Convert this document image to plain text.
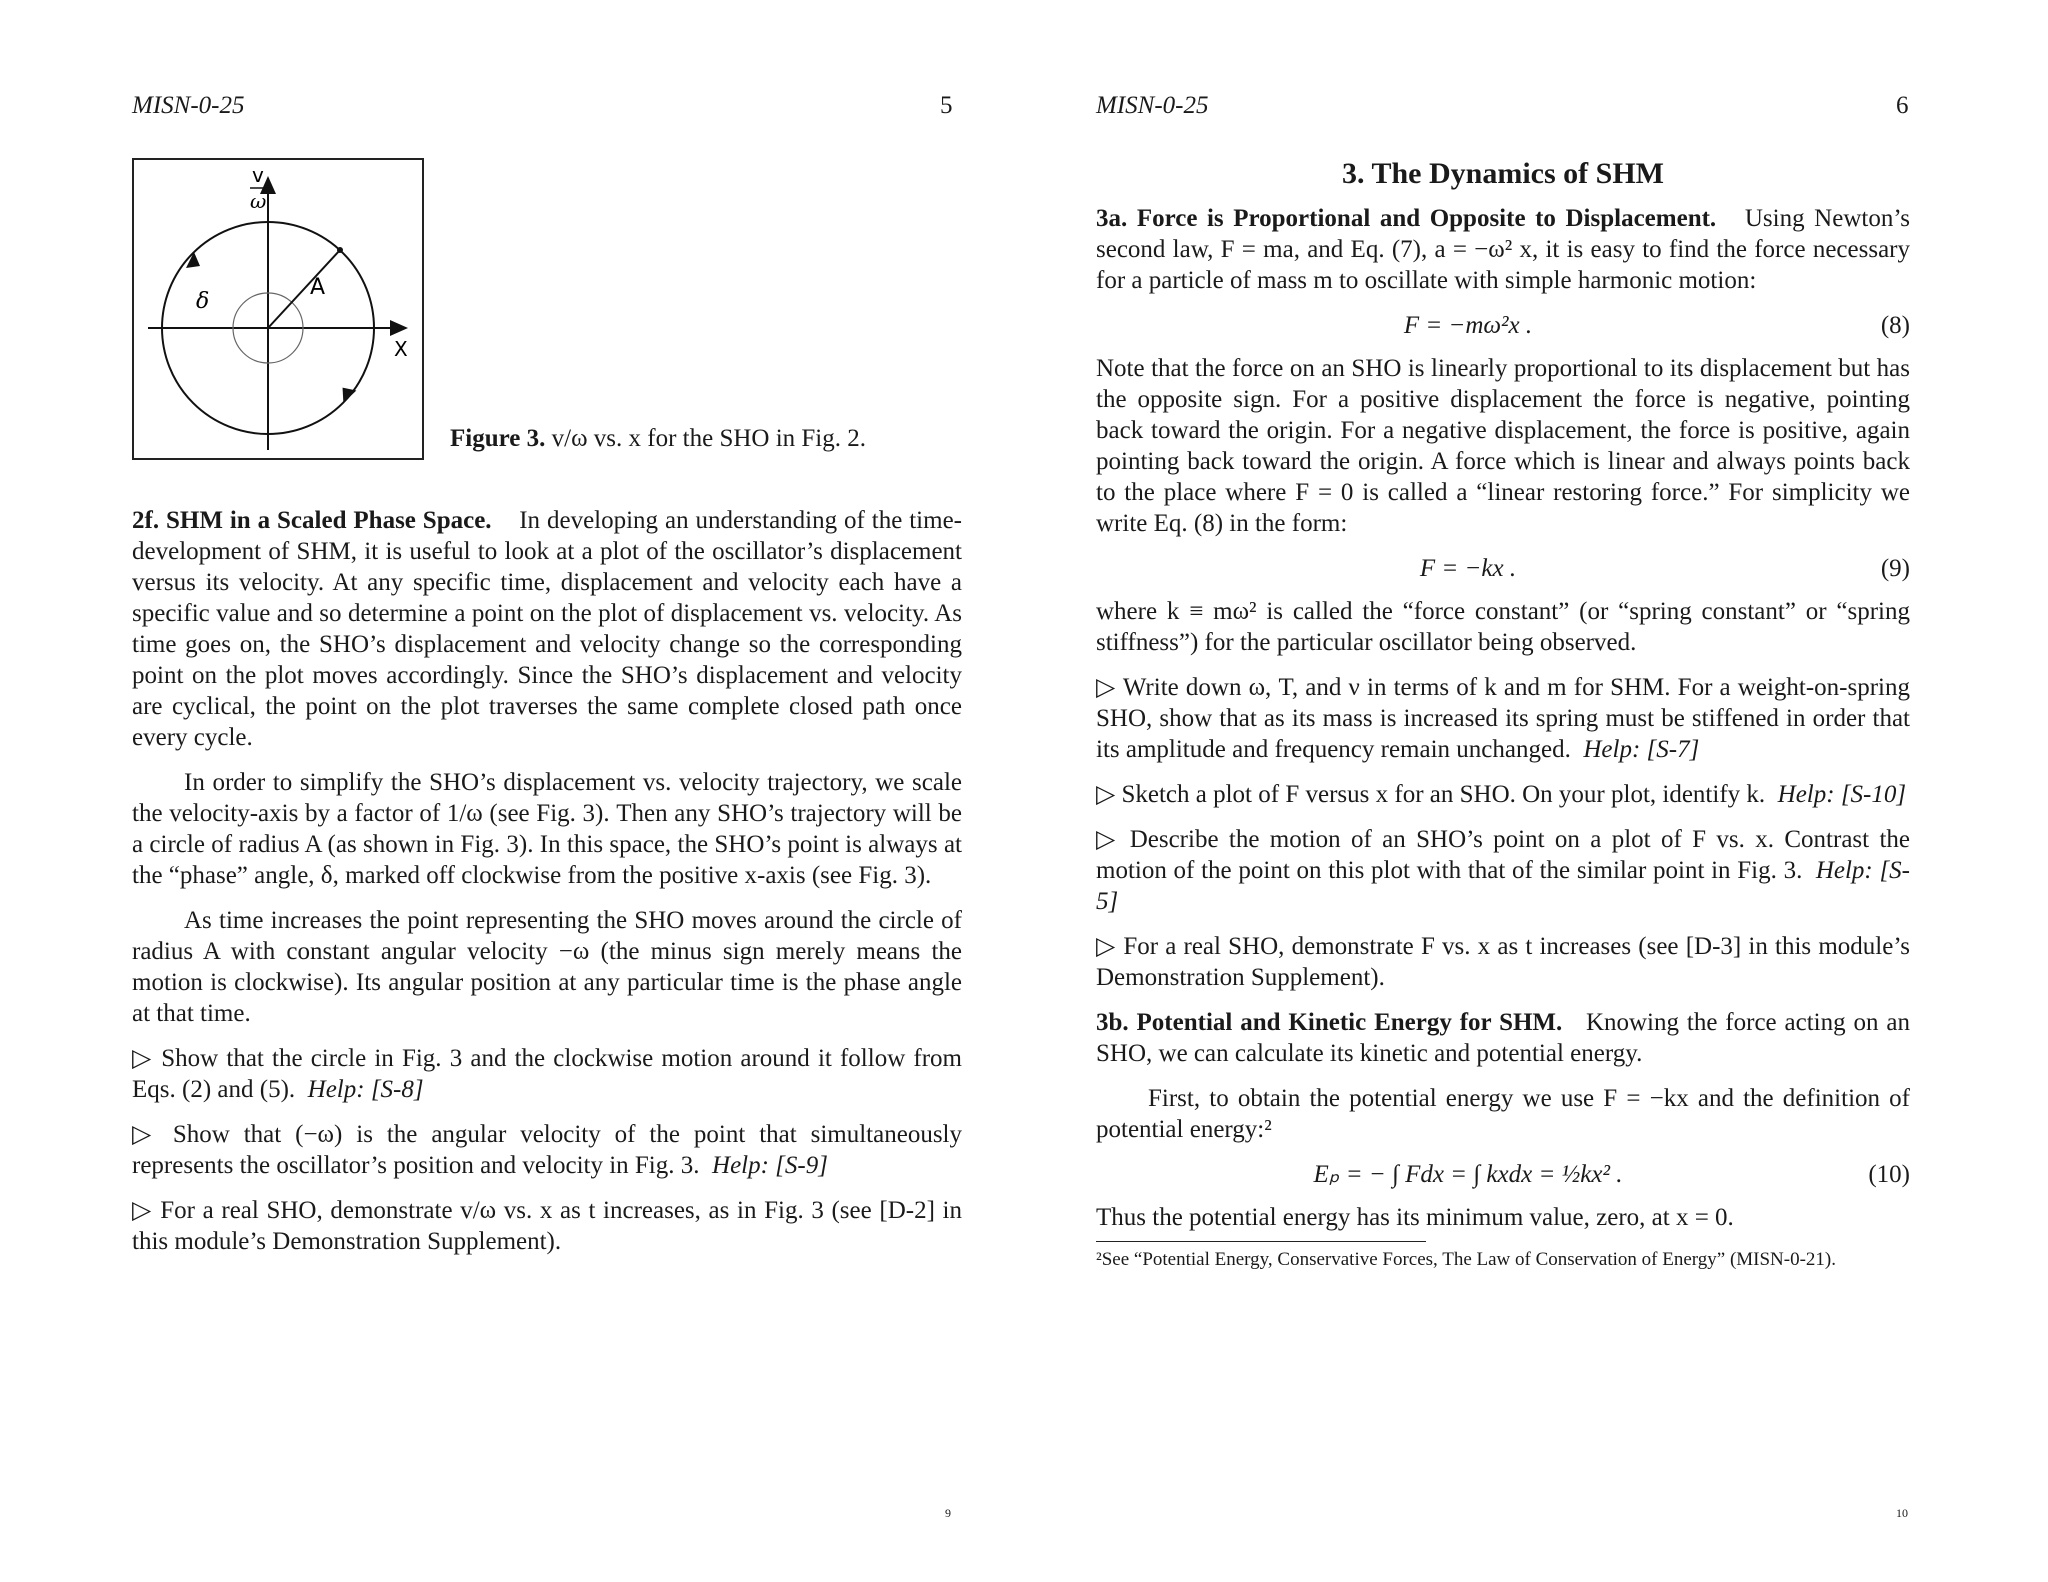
MISN-0-25	5
v
ω
δ
A
X
Figure 3. v/ω vs. x for the SHO in Fig. 2.

2f. SHM in a Scaled Phase Space. In developing an understanding of the time-development of SHM, it is useful to look at a plot of the oscillator’s displacement versus its velocity. At any specific time, displacement and velocity each have a specific value and so determine a point on the plot of displacement vs. velocity. As time goes on, the SHO’s displacement and velocity change so the corresponding point on the plot moves accordingly. Since the SHO’s displacement and velocity are cyclical, the point on the plot traverses the same complete closed path once every cycle.

In order to simplify the SHO’s displacement vs. velocity trajectory, we scale the velocity-axis by a factor of 1/ω (see Fig. 3). Then any SHO’s trajectory will be a circle of radius A (as shown in Fig. 3). In this space, the SHO’s point is always at the “phase” angle, δ, marked off clockwise from the positive x-axis (see Fig. 3).

As time increases the point representing the SHO moves around the circle of radius A with constant angular velocity −ω (the minus sign merely means the motion is clockwise). Its angular position at any particular time is the phase angle at that time.

▷ Show that the circle in Fig. 3 and the clockwise motion around it follow from Eqs. (2) and (5). Help: [S-8]

▷ Show that (−ω) is the angular velocity of the point that simultaneously represents the oscillator’s position and velocity in Fig. 3. Help: [S-9]

▷ For a real SHO, demonstrate v/ω vs. x as t increases, as in Fig. 3 (see [D-2] in this module’s Demonstration Supplement).

9
MISN-0-25	6
3. The Dynamics of SHM

3a. Force is Proportional and Opposite to Displacement. Using Newton’s second law, F = ma, and Eq. (7), a = −ω² x, it is easy to find the force necessary for a particle of mass m to oscillate with simple harmonic motion:

F = −mω²x .	(8)

Note that the force on an SHO is linearly proportional to its displacement but has the opposite sign. For a positive displacement the force is negative, pointing back toward the origin. For a negative displacement, the force is positive, again pointing back toward the origin. A force which is linear and always points back to the place where F = 0 is called a “linear restoring force.” For simplicity we write Eq. (8) in the form:

F = −kx .	(9)

where k ≡ mω² is called the “force constant” (or “spring constant” or “spring stiffness”) for the particular oscillator being observed.

▷ Write down ω, T, and ν in terms of k and m for SHM. For a weight-on-spring SHO, show that as its mass is increased its spring must be stiffened in order that its amplitude and frequency remain unchanged. Help: [S-7]

▷ Sketch a plot of F versus x for an SHO. On your plot, identify k. Help: [S-10]

▷ Describe the motion of an SHO’s point on a plot of F vs. x. Contrast the motion of the point on this plot with that of the similar point in Fig. 3. Help: [S-5]

▷ For a real SHO, demonstrate F vs. x as t increases (see [D-3] in this module’s Demonstration Supplement).

3b. Potential and Kinetic Energy for SHM. Knowing the force acting on an SHO, we can calculate its kinetic and potential energy.

First, to obtain the potential energy we use F = −kx and the definition of potential energy:²

Eₚ = − ∫ Fdx = ∫ kxdx = ½kx² .	(10)

Thus the potential energy has its minimum value, zero, at x = 0.

²See “Potential Energy, Conservative Forces, The Law of Conservation of Energy” (MISN-0-21).
10
